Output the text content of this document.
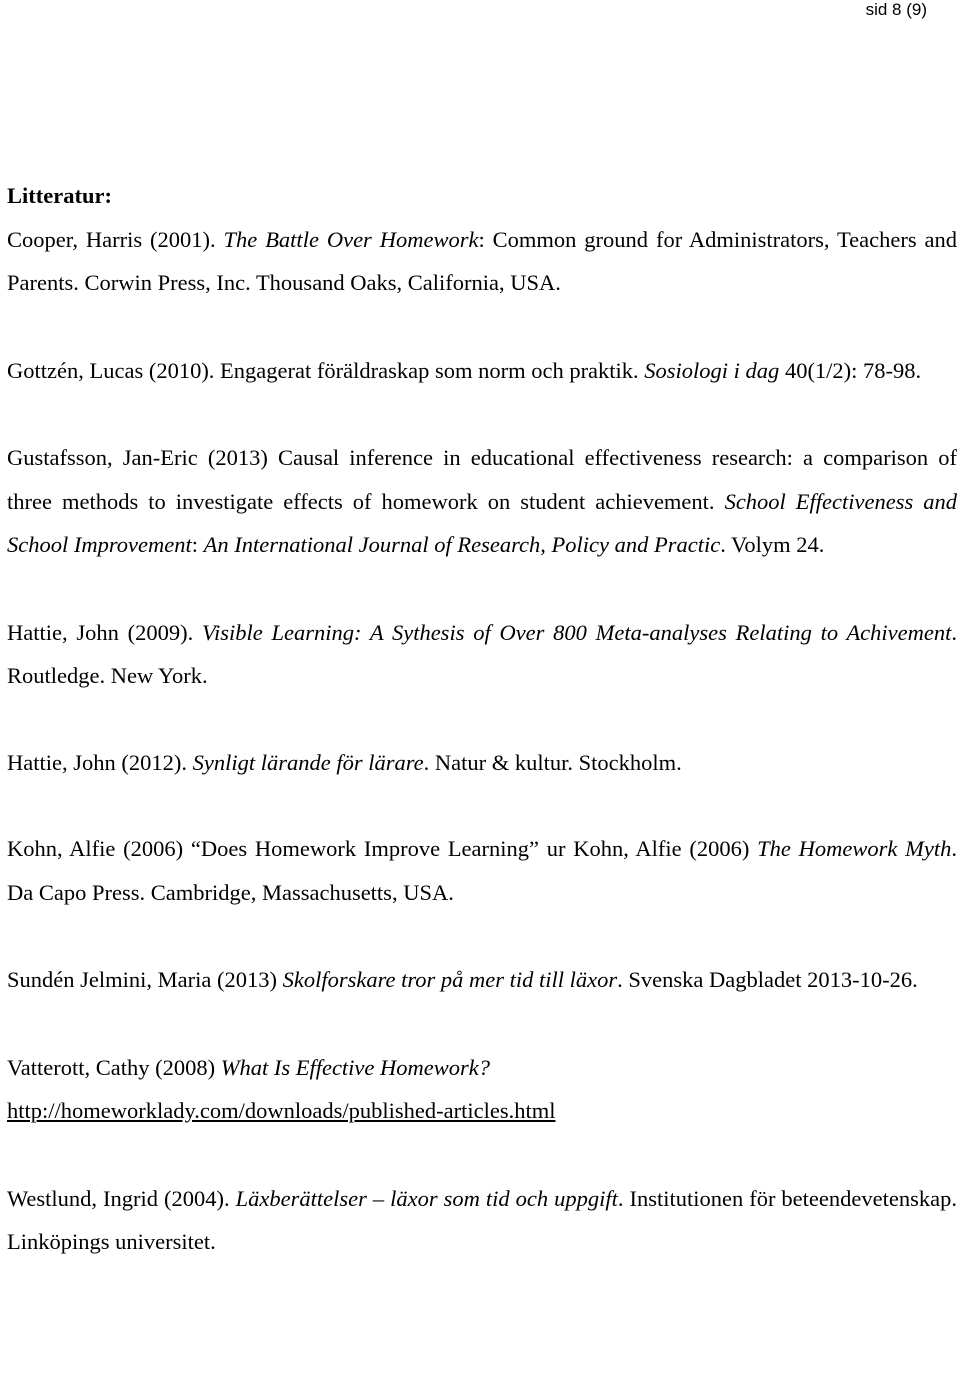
sid 8 (9)

Litteratur:

Cooper, Harris (2001). The Battle Over Homework: Common ground for Administrators, Teachers and Parents. Corwin Press, Inc. Thousand Oaks, California, USA.

Gottzén, Lucas (2010). Engagerat föräldraskap som norm och praktik. Sosiologi i dag 40(1/2): 78-98.

Gustafsson, Jan-Eric (2013) Causal inference in educational effectiveness research: a comparison of three methods to investigate effects of homework on student achievement. School Effectiveness and School Improvement: An International Journal of Research, Policy and Practic. Volym 24.

Hattie, John (2009). Visible Learning: A Sythesis of Over 800 Meta-analyses Relating to Achivement. Routledge. New York.

Hattie, John (2012). Synligt lärande för lärare. Natur & kultur. Stockholm.

Kohn, Alfie (2006) “Does Homework Improve Learning” ur Kohn, Alfie (2006) The Homework Myth. Da Capo Press. Cambridge, Massachusetts, USA.

Sundén Jelmini, Maria (2013) Skolforskare tror på mer tid till läxor. Svenska Dagbladet 2013-10-26.

Vatterott, Cathy (2008) What Is Effective Homework?
http://homeworklady.com/downloads/published-articles.html

Westlund, Ingrid (2004). Läxberättelser – läxor som tid och uppgift. Institutionen för beteendevetenskap. Linköpings universitet.
